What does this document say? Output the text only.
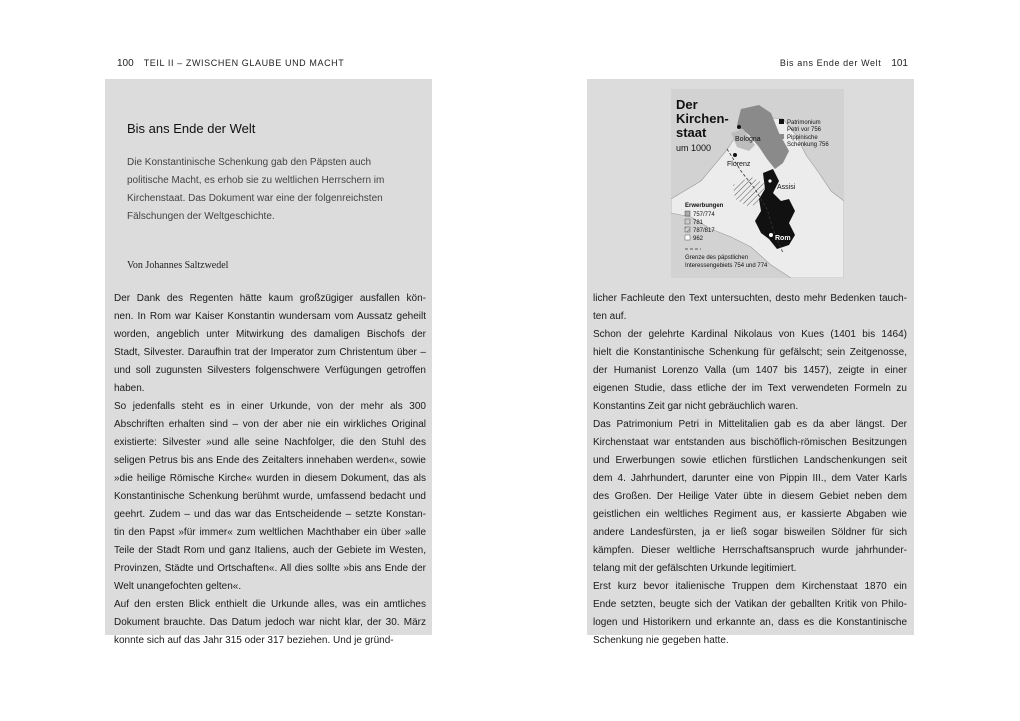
100 TEIL II – ZWISCHEN GLAUBE UND MACHT	Bis ans Ende der Welt 101
Bis ans Ende der Welt
Die Konstantinische Schenkung gab den Päpsten auch
politische Macht, es erhob sie zu weltlichen Herrschern im
Kirchenstaat. Das Dokument war eine der folgenreichsten
Fälschungen der Weltgeschichte.
Von Johannes Saltzwedel

Der Dank des Regenten hätte kaum großzügiger ausfallen kön-

nen. In Rom war Kaiser Konstantin wundersam vom Aussatz geheilt

worden, angeblich unter Mitwirkung des damaligen Bischofs der

Stadt, Silvester. Daraufhin trat der Imperator zum Christentum über –

und soll zugunsten Silvesters folgenschwere Verfügungen getroffen

haben.

So jedenfalls steht es in einer Urkunde, von der mehr als 300

Abschriften erhalten sind – von der aber nie ein wirkliches Original

existierte: Silvester »und alle seine Nachfolger, die den Stuhl des

seligen Petrus bis ans Ende des Zeitalters innehaben werden«, sowie

»die heilige Römische Kirche« wurden in diesem Dokument, das als

Konstantinische Schenkung berühmt wurde, umfassend bedacht und

geehrt. Zudem – und das war das Entscheidende – setzte Konstan-

tin den Papst »für immer« zum weltlichen Machthaber ein über »alle

Teile der Stadt Rom und ganz Italiens, auch der Gebiete im Westen,

Provinzen, Städte und Ortschaften«. All dies sollte »bis ans Ende der

Welt unangefochten gelten«.

Auf den ersten Blick enthielt die Urkunde alles, was ein amtliches

Dokument brauchte. Das Datum jedoch war nicht klar, der 30. März

konnte sich auf das Jahr 315 oder 317 beziehen. Und je gründ-

Der
Kirchen-
staat
um 1000
Bologna
Florenz
Assisi
Rom
Patrimonium
Petri vor 756
Pippinische
Schenkung 756
Erwerbungen
757/774
781
787/817
962
Grenze des päpstlichen
Interessengebiets 754 und 774

licher Fachleute den Text untersuchten, desto mehr Bedenken tauch-

ten auf.

Schon der gelehrte Kardinal Nikolaus von Kues (1401 bis 1464)

hielt die Konstantinische Schenkung für gefälscht; sein Zeitgenosse,

der Humanist Lorenzo Valla (um 1407 bis 1457), zeigte in einer

eigenen Studie, dass etliche der im Text verwendeten Formeln zu

Konstantins Zeit gar nicht gebräuchlich waren.

Das Patrimonium Petri in Mittelitalien gab es da aber längst. Der

Kirchenstaat war entstanden aus bischöflich-römischen Besitzungen

und Erwerbungen sowie etlichen fürstlichen Landschenkungen seit

dem 4. Jahrhundert, darunter eine von Pippin III., dem Vater Karls

des Großen. Der Heilige Vater übte in diesem Gebiet neben dem

geistlichen ein weltliches Regiment aus, er kassierte Abgaben wie

andere Landesfürsten, ja er ließ sogar bisweilen Söldner für sich

kämpfen. Dieser weltliche Herrschaftsanspruch wurde jahrhunder-

telang mit der gefälschten Urkunde legitimiert.

Erst kurz bevor italienische Truppen dem Kirchenstaat 1870 ein

Ende setzten, beugte sich der Vatikan der geballten Kritik von Philo-

logen und Historikern und erkannte an, dass es die Konstantinische

Schenkung nie gegeben hatte.
